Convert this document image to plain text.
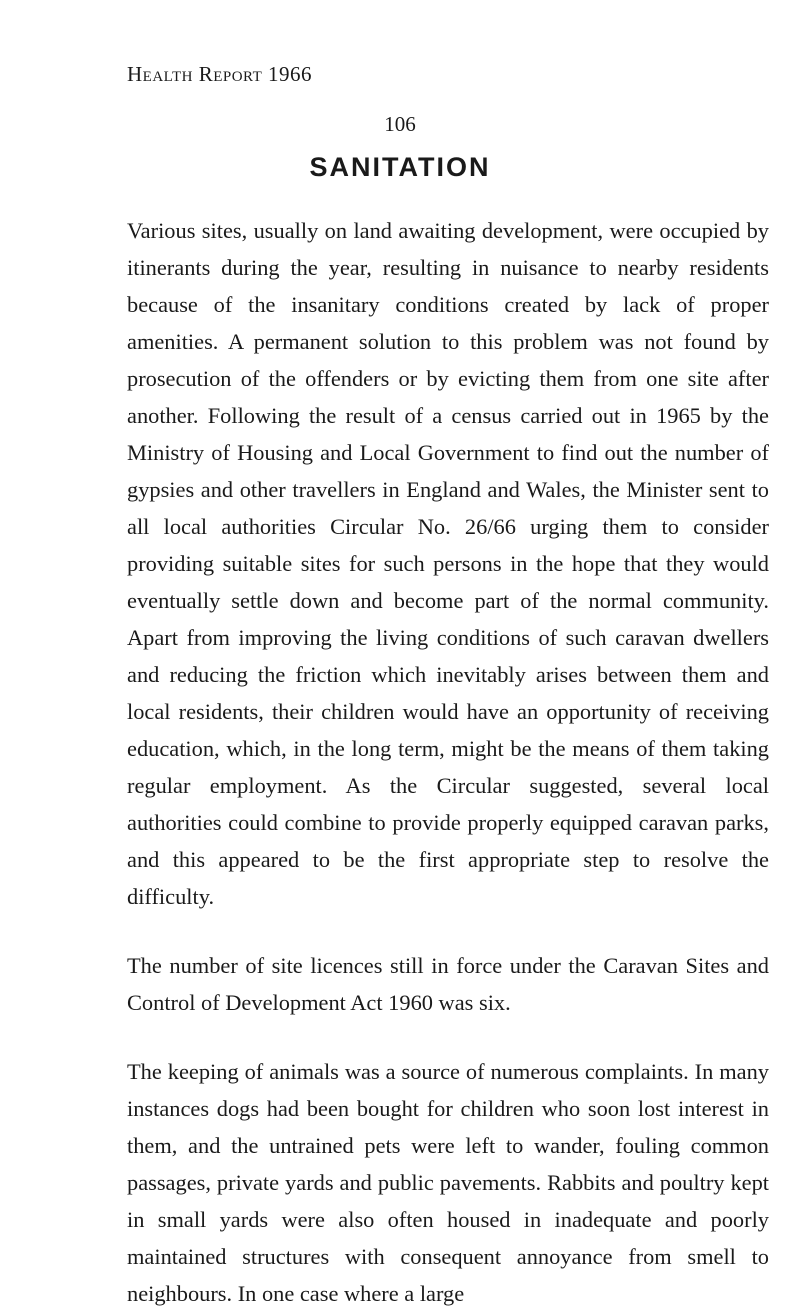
Health Report 1966
106
SANITATION

Various sites, usually on land awaiting development, were occupied by itinerants during the year, resulting in nuisance to nearby residents because of the insanitary conditions created by lack of proper amenities. A permanent solution to this problem was not found by prosecution of the offenders or by evicting them from one site after another. Following the result of a census carried out in 1965 by the Ministry of Housing and Local Government to find out the number of gypsies and other travellers in England and Wales, the Minister sent to all local authorities Circular No. 26/66 urging them to consider providing suitable sites for such persons in the hope that they would eventually settle down and become part of the normal community. Apart from improving the living conditions of such caravan dwellers and reducing the friction which inevitably arises between them and local residents, their children would have an opportunity of receiving education, which, in the long term, might be the means of them taking regular employment. As the Circular suggested, several local authorities could combine to provide properly equipped caravan parks, and this appeared to be the first appropriate step to resolve the difficulty.

The number of site licences still in force under the Caravan Sites and Control of Development Act 1960 was six.

The keeping of animals was a source of numerous complaints. In many instances dogs had been bought for children who soon lost interest in them, and the untrained pets were left to wander, fouling common passages, private yards and public pavements. Rabbits and poultry kept in small yards were also often housed in inadequate and poorly maintained structures with consequent annoyance from smell to neighbours. In one case where a large
